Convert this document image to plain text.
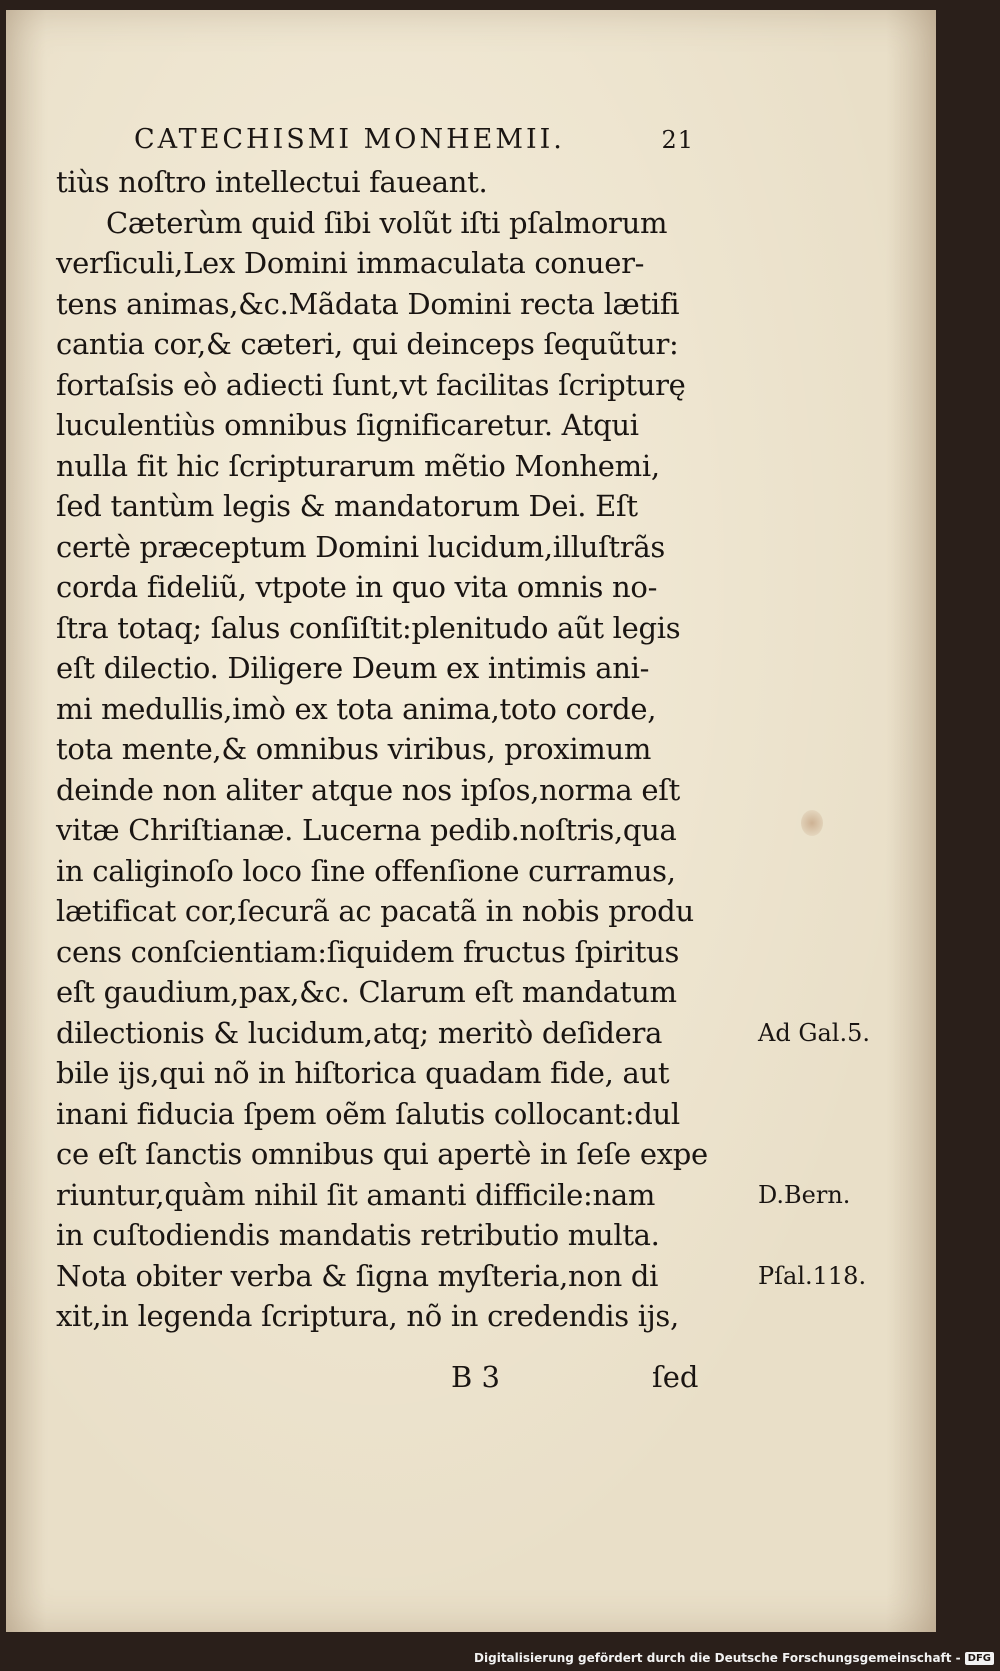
CATECHISMI MONHEMII.	21
tiùs noſtro intellectui faueant.
Cæterùm quid ſibi volũt iſti pſalmorum
verſiculi,Lex Domini immaculata conuer-
tens animas,&c.Mãdata Domini recta lætifi
cantia cor,& cæteri, qui deinceps ſequũtur:
fortaſsis eò adiecti ſunt,vt facilitas ſcripturę
luculentiùs omnibus ſignificaretur. Atqui
nulla fit hic ſcripturarum mẽtio Monhemi,
ſed tantùm legis & mandatorum Dei. Eſt
certè præceptum Domini lucidum,illuſtrãs
corda fideliũ, vtpote in quo vita omnis no-
ſtra totaq; ſalus conſiſtit:plenitudo aũt legis
eſt dilectio. Diligere Deum ex intimis ani-
mi medullis,imò ex tota anima,toto corde,
tota mente,& omnibus viribus, proximum
deinde non aliter atque nos ipſos,norma eſt
vitæ Chriſtianæ. Lucerna pedib.noſtris,qua
in caliginoſo loco ſine offenſione curramus,
lætificat cor,ſecurã ac pacatã in nobis produ
cens conſcientiam:ſiquidem fructus ſpiritus
eſt gaudium,pax,&c. Clarum eſt mandatum
dilectionis & lucidum,atq; meritò deſidera
bile ijs,qui nõ in hiſtorica quadam fide, aut
inani fiducia ſpem oẽm ſalutis collocant:dul
ce eſt ſanctis omnibus qui apertè in ſeſe expe
riuntur,quàm nihil ſit amanti difficile:nam
in cuſtodiendis mandatis retributio multa.
Nota obiter verba & ſigna myſteria,non di
xit,in legenda ſcriptura, nõ in credendis ijs,
Ad Gal.5.
D.Bern.
Pſal.118.
B 3	ſed
Digitalisierung gefördert durch die Deutsche Forschungsgemeinschaft - DFG
